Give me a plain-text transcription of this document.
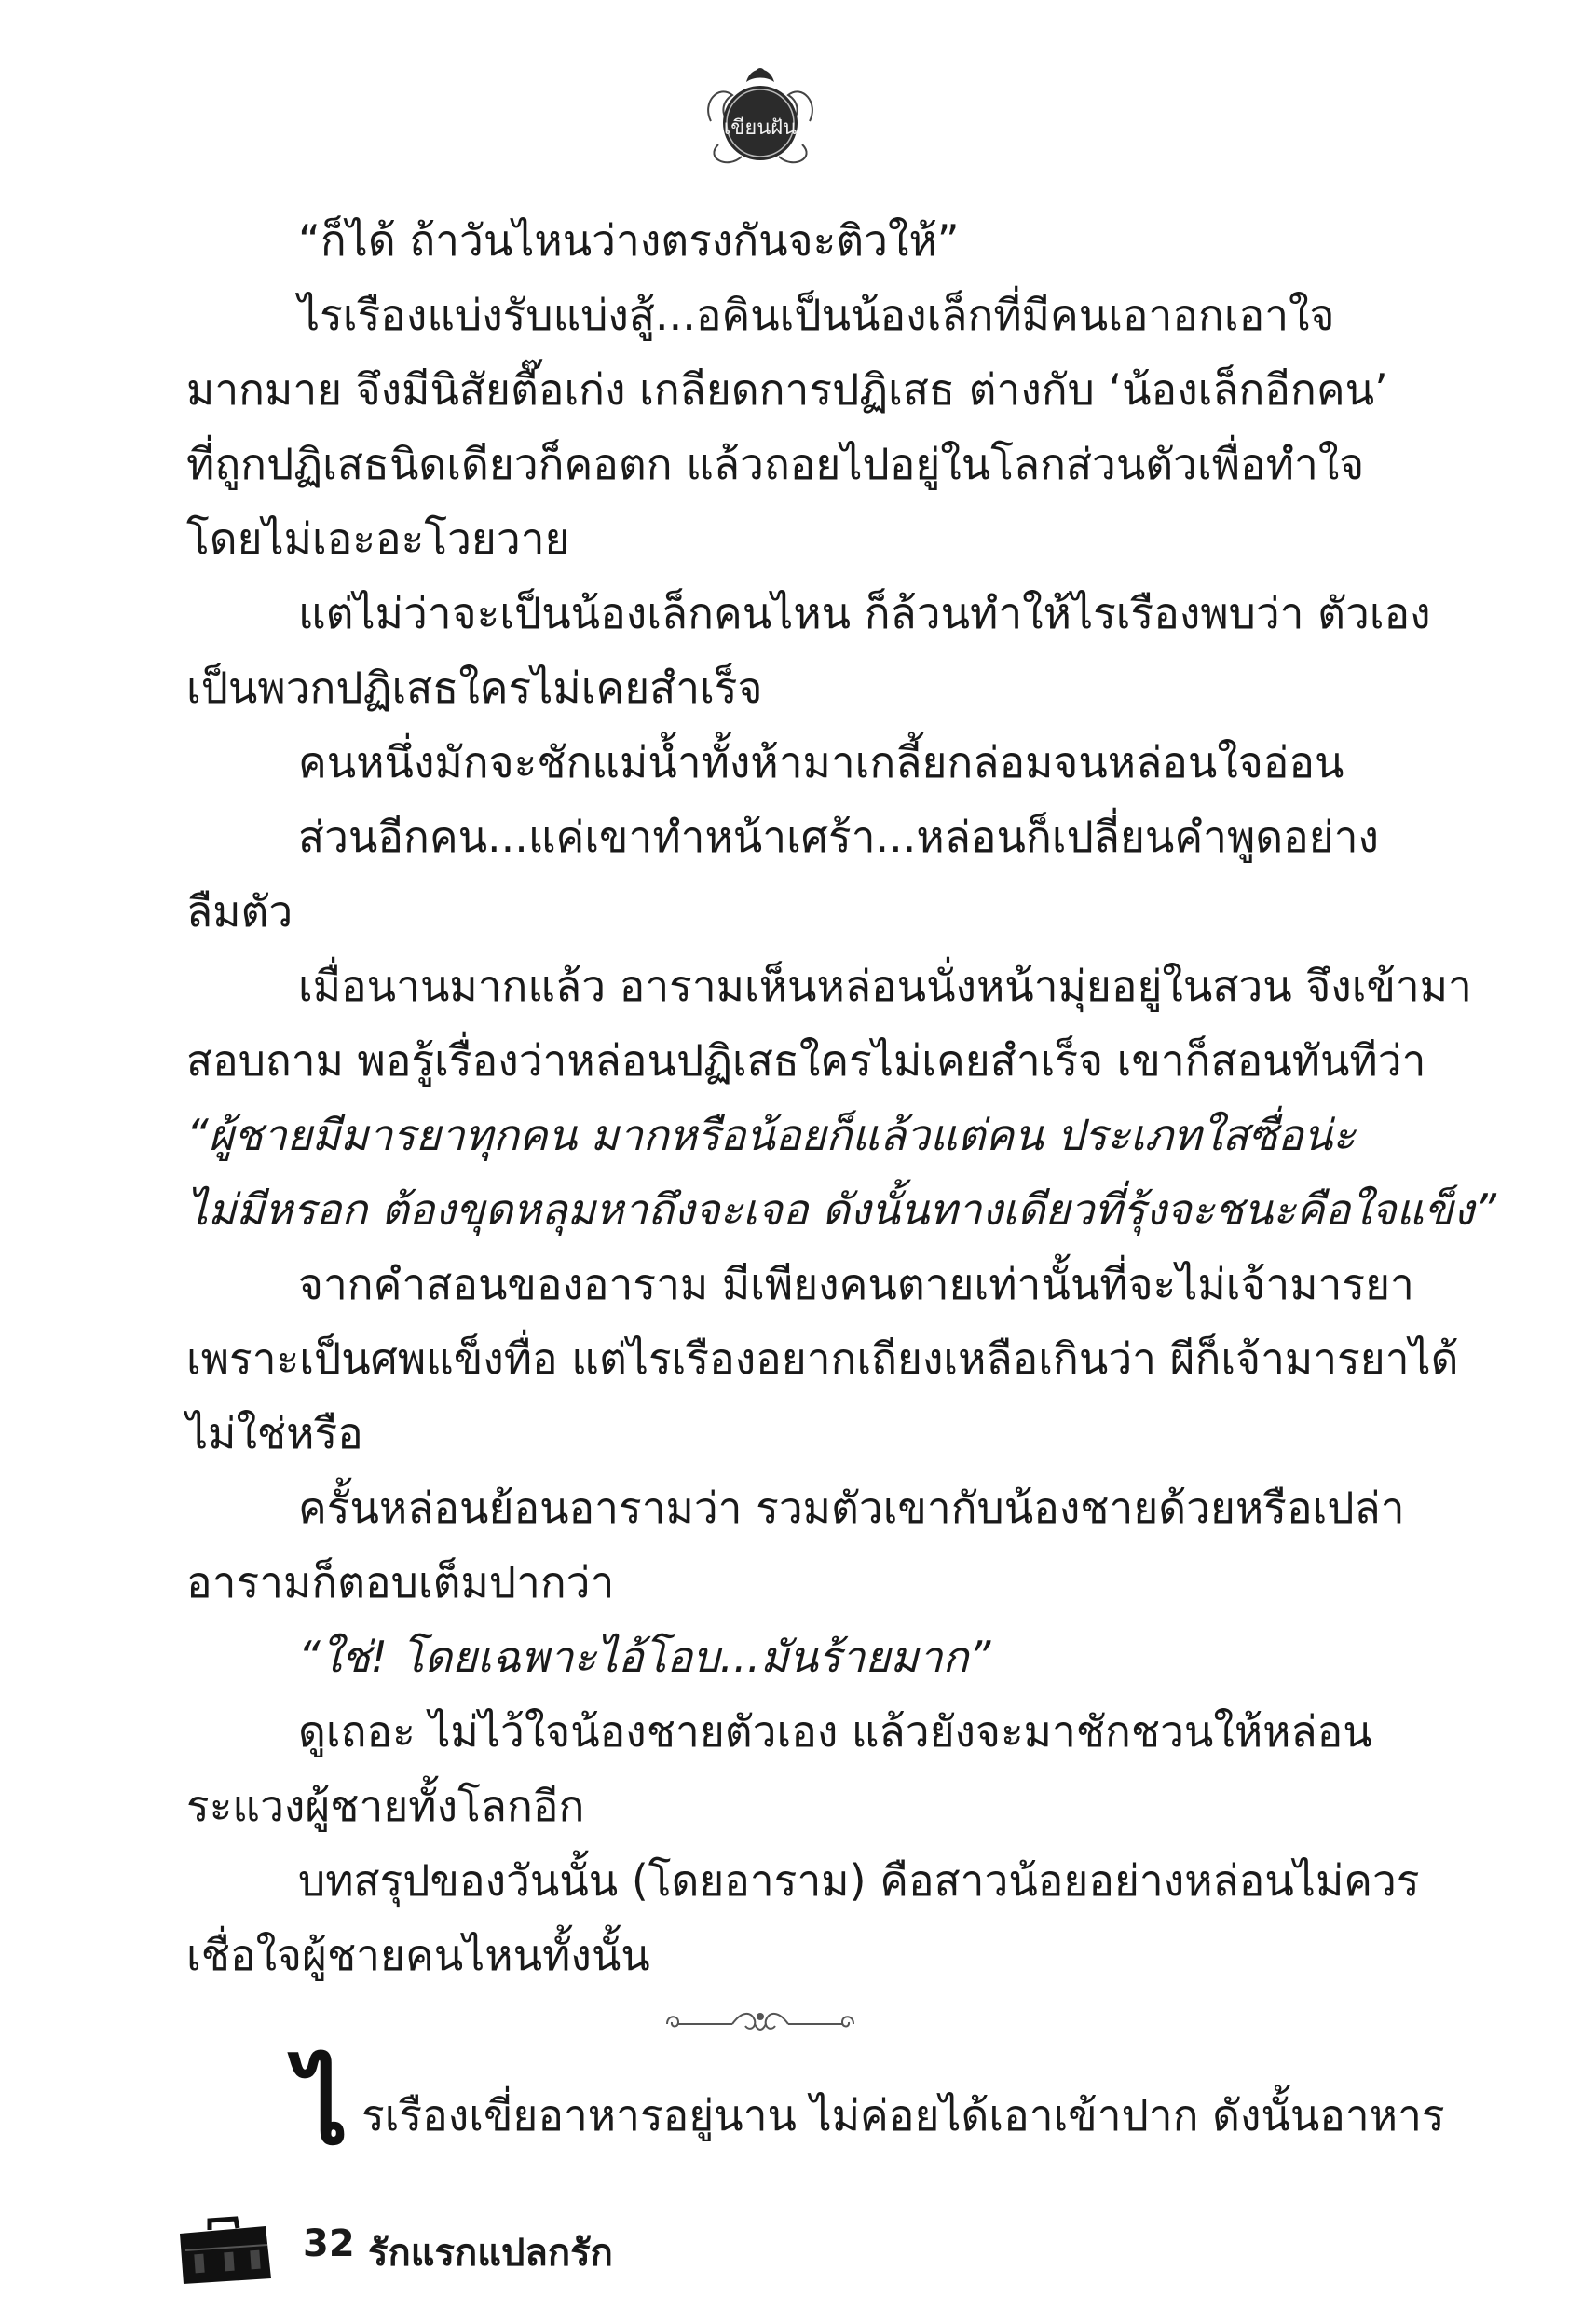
เขียนฝัน
“ก็ได้ ถ้าวันไหนว่างตรงกันจะติวให้”
ไรเรืองแบ่งรับแบ่งสู้...อคินเป็นน้องเล็กที่มีคนเอาอกเอาใจ
มากมาย จึงมีนิสัยตื๊อเก่ง เกลียดการปฏิเสธ ต่างกับ ‘น้องเล็กอีกคน’
ที่ถูกปฏิเสธนิดเดียวก็คอตก แล้วถอยไปอยู่ในโลกส่วนตัวเพื่อทำใจ
โดยไม่เอะอะโวยวาย
แต่ไม่ว่าจะเป็นน้องเล็กคนไหน ก็ล้วนทำให้ไรเรืองพบว่า ตัวเอง
เป็นพวกปฏิเสธใครไม่เคยสำเร็จ
คนหนึ่งมักจะชักแม่น้ำทั้งห้ามาเกลี้ยกล่อมจนหล่อนใจอ่อน
ส่วนอีกคน...แค่เขาทำหน้าเศร้า...หล่อนก็เปลี่ยนคำพูดอย่าง
ลืมตัว
เมื่อนานมากแล้ว อารามเห็นหล่อนนั่งหน้ามุ่ยอยู่ในสวน จึงเข้ามา
สอบถาม พอรู้เรื่องว่าหล่อนปฏิเสธใครไม่เคยสำเร็จ เขาก็สอนทันทีว่า
“ผู้ชายมีมารยาทุกคน มากหรือน้อยก็แล้วแต่คน ประเภทใสซื่อน่ะ
ไม่มีหรอก ต้องขุดหลุมหาถึงจะเจอ ดังนั้นทางเดียวที่รุ้งจะชนะคือใจแข็ง”
จากคำสอนของอาราม มีเพียงคนตายเท่านั้นที่จะไม่เจ้ามารยา
เพราะเป็นศพแข็งทื่อ แต่ไรเรืองอยากเถียงเหลือเกินว่า ผีก็เจ้ามารยาได้
ไม่ใช่หรือ
ครั้นหล่อนย้อนอารามว่า รวมตัวเขากับน้องชายด้วยหรือเปล่า
อารามก็ตอบเต็มปากว่า
“ใช่! โดยเฉพาะไอ้โอบ...มันร้ายมาก”
ดูเถอะ ไม่ไว้ใจน้องชายตัวเอง แล้วยังจะมาชักชวนให้หล่อน
ระแวงผู้ชายทั้งโลกอีก
บทสรุปของวันนั้น (โดยอาราม) คือสาวน้อยอย่างหล่อนไม่ควร
เชื่อใจผู้ชายคนไหนทั้งนั้น
ไ รเรืองเขี่ยอาหารอยู่นาน ไม่ค่อยได้เอาเข้าปาก ดังนั้นอาหาร
32 รักแรกแปลกรัก
